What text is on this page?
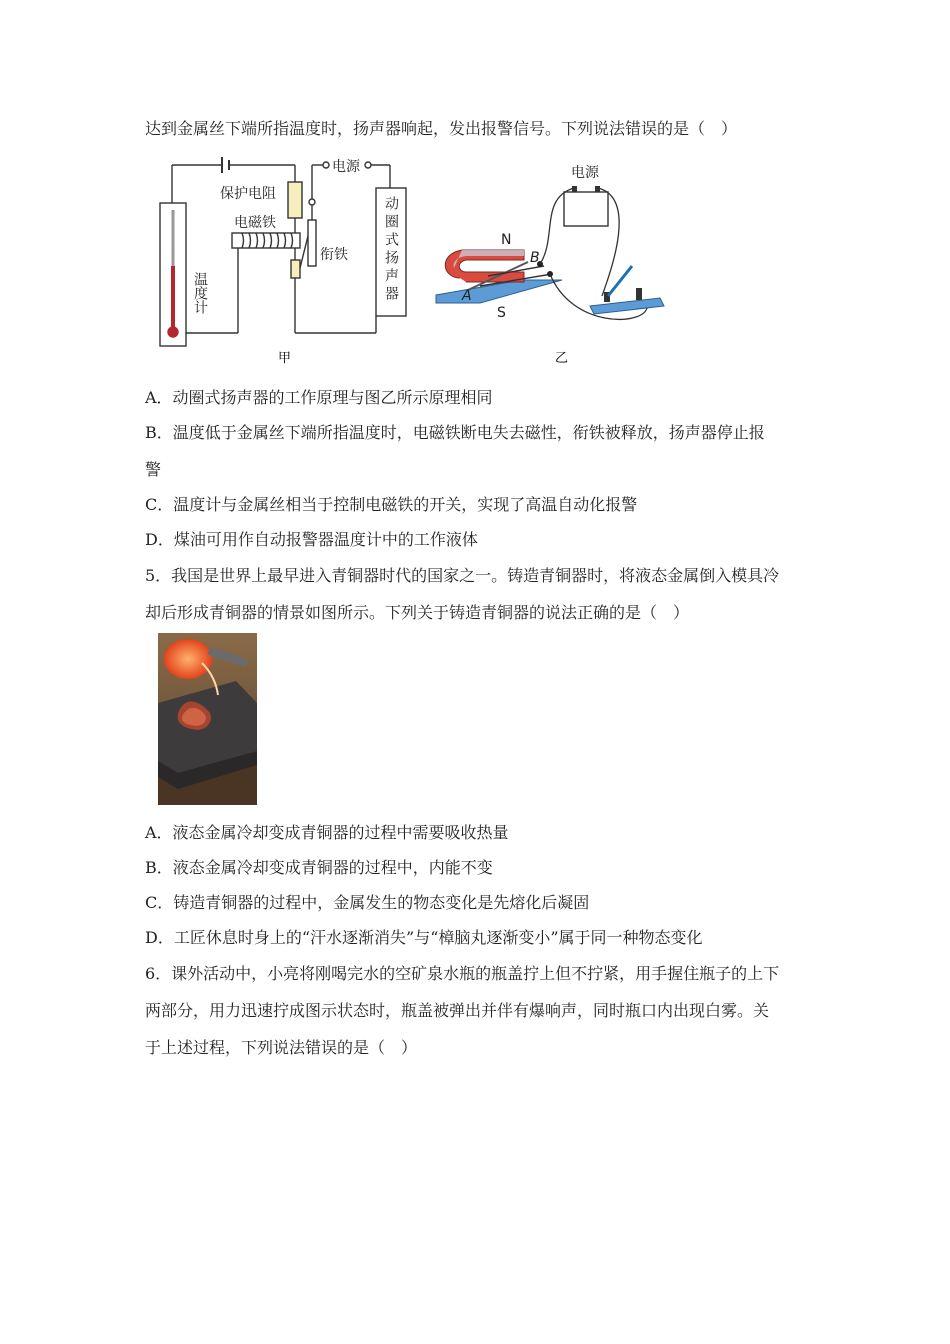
达到金属丝下端所指温度时，扬声器响起，发出报警信号。下列说法错误的是（　）
保护电阻
电磁铁
电源
衔铁
温度计	动圈式扬声器
甲
电源
N
S
A
B
乙
A．动圈式扬声器的工作原理与图乙所示原理相同
B．温度低于金属丝下端所指温度时，电磁铁断电失去磁性，衔铁被释放，扬声器停止报
警
C．温度计与金属丝相当于控制电磁铁的开关，实现了高温自动化报警
D．煤油可用作自动报警器温度计中的工作液体
5．我国是世界上最早进入青铜器时代的国家之一。铸造青铜器时，将液态金属倒入模具冷
却后形成青铜器的情景如图所示。下列关于铸造青铜器的说法正确的是（　）
A．液态金属冷却变成青铜器的过程中需要吸收热量
B．液态金属冷却变成青铜器的过程中，内能不变
C．铸造青铜器的过程中，金属发生的物态变化是先熔化后凝固
D．工匠休息时身上的“汗水逐渐消失”与“樟脑丸逐渐变小”属于同一种物态变化
6．课外活动中，小亮将刚喝完水的空矿泉水瓶的瓶盖拧上但不拧紧，用手握住瓶子的上下
两部分，用力迅速拧成图示状态时，瓶盖被弹出并伴有爆响声，同时瓶口内出现白雾。关
于上述过程，下列说法错误的是（　）
